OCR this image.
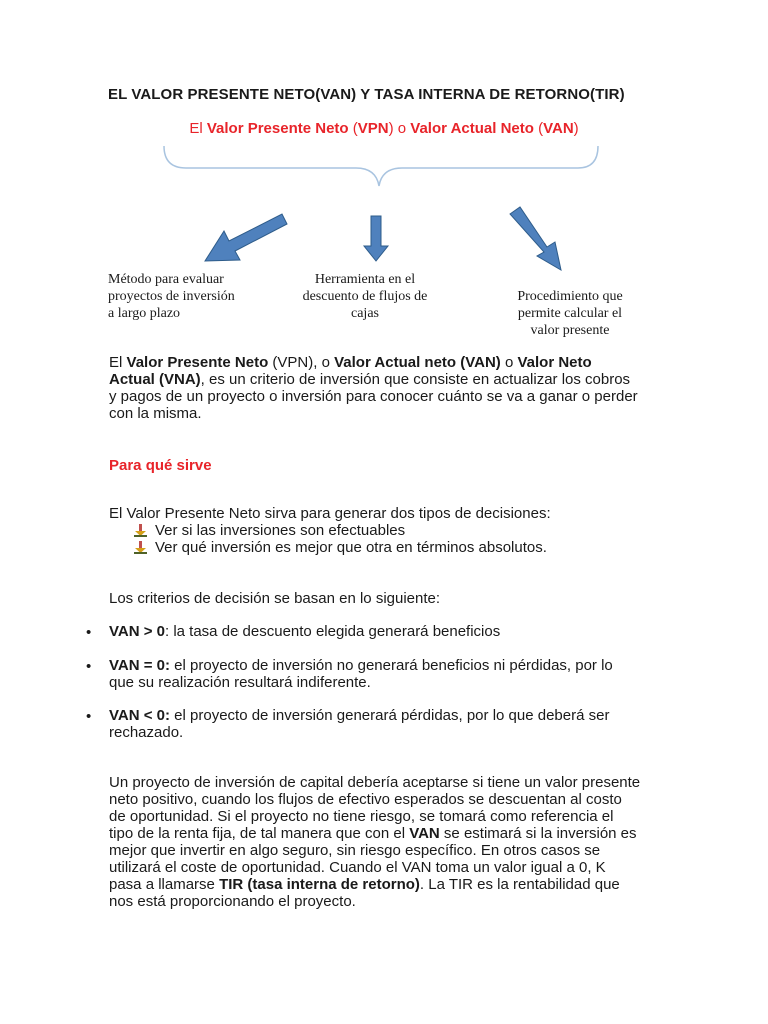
EL VALOR PRESENTE NETO(VAN) Y TASA INTERNA DE RETORNO(TIR)
El Valor Presente Neto (VPN) o Valor Actual Neto (VAN)
Método para evaluar
proyectos de inversión
a largo plazo
Herramienta en el
descuento de flujos de
cajas
Procedimiento que
permite calcular el
valor presente
El Valor Presente Neto (VPN), o Valor Actual neto (VAN) o Valor Neto
Actual (VNA), es un criterio de inversión que consiste en actualizar los cobros
y pagos de un proyecto o inversión para conocer cuánto se va a ganar o perder
con la misma.
Para qué sirve
El Valor Presente Neto sirva para generar dos tipos de decisiones:
Ver si las inversiones son efectuables
Ver qué inversión es mejor que otra en términos absolutos.
Los criterios de decisión se basan en lo siguiente:
•	VAN > 0: la tasa de descuento elegida generará beneficios
•	VAN = 0: el proyecto de inversión no generará beneficios ni pérdidas, por lo
que su realización resultará indiferente.
•	VAN < 0: el proyecto de inversión generará pérdidas, por lo que deberá ser
rechazado.
Un proyecto de inversión de capital debería aceptarse si tiene un valor presente
neto positivo, cuando los flujos de efectivo esperados se descuentan al costo
de oportunidad. Si el proyecto no tiene riesgo, se tomará como referencia el
tipo de la renta fija, de tal manera que con el VAN se estimará si la inversión es
mejor que invertir en algo seguro, sin riesgo específico. En otros casos se
utilizará el coste de oportunidad. Cuando el VAN toma un valor igual a 0, K
pasa a llamarse TIR (tasa interna de retorno). La TIR es la rentabilidad que
nos está proporcionando el proyecto.
